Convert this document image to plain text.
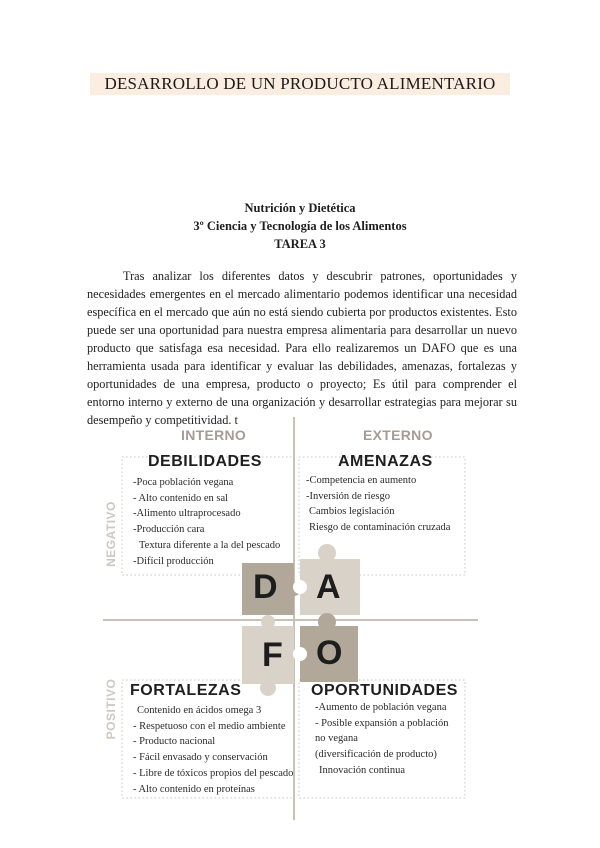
DESARROLLO DE UN PRODUCTO ALIMENTARIO
Nutrición y Dietética
3º Ciencia y Tecnología de los Alimentos
TAREA 3

Tras analizar los diferentes datos y descubrir patrones, oportunidades y necesidades emergentes en el mercado alimentario podemos identificar una necesidad específica en el mercado que aún no está siendo cubierta por productos existentes. Esto puede ser una oportunidad para nuestra empresa alimentaria para desarrollar un nuevo producto que satisfaga esa necesidad. Para ello realizaremos un DAFO que es una herramienta usada para identificar y evaluar las debilidades, amenazas, fortalezas y oportunidades de una empresa, producto o proyecto; Es útil para comprender el entorno interno y externo de una organización y desarrollar estrategias para mejorar su desempeño y competitividad. t

D A
F O
INTERNO	EXTERNO
NEGATIVO
POSITIVO
DEBILIDADES
-Poca población vegana
- Alto contenido en sal
-Alimento ultraprocesado
-Producción cara
Textura diferente a la del pescado
-Difícil producción
AMENAZAS
-Competencia en aumento
-Inversión de riesgo
Cambios legislación
Riesgo de contaminación cruzada
FORTALEZAS
Contenido en ácidos omega 3
- Respetuoso con el medio ambiente
- Producto nacional
- Fácil envasado y conservación
- Libre de tóxicos propios del pescado
- Alto contenido en proteínas
OPORTUNIDADES
-Aumento de población vegana
- Posible expansión a población
no vegana
(diversificación de producto)
Innovación continua
